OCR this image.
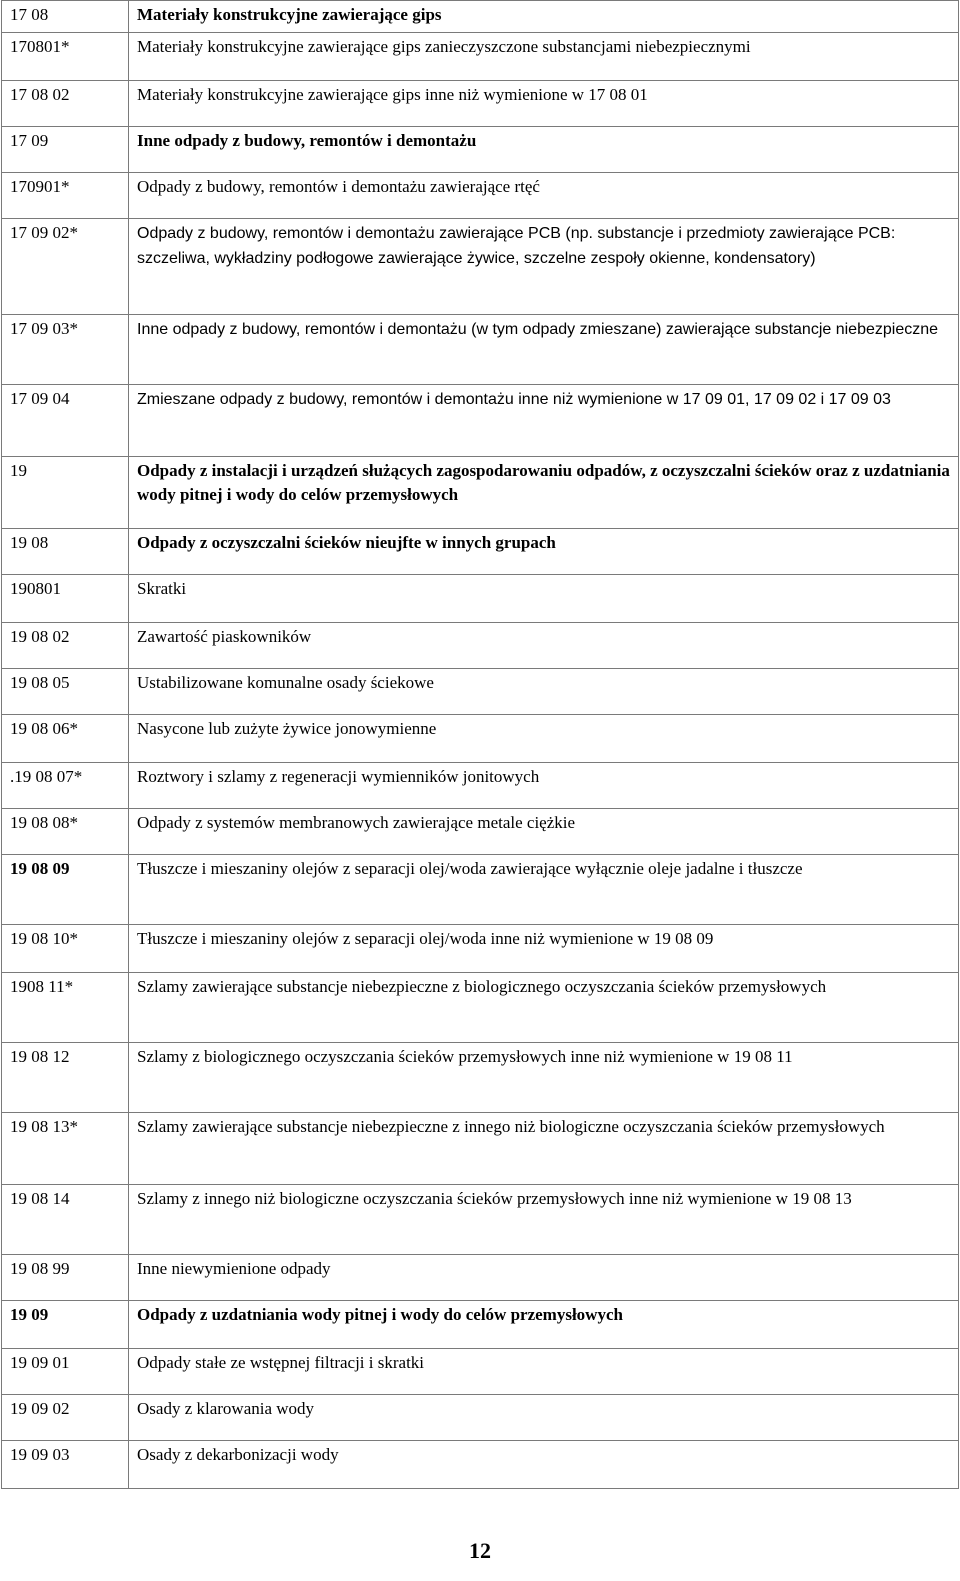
17 08	Materiały konstrukcyjne zawierające gips
170801*	Materiały konstrukcyjne zawierające gips zanieczyszczone substancjami niebezpiecznymi
17 08 02	Materiały konstrukcyjne zawierające gips inne niż wymienione w 17 08 01
17 09	Inne odpady z budowy, remontów i demontażu
170901*	Odpady z budowy, remontów i demontażu zawierające rtęć
17 09 02*	Odpady z budowy, remontów i demontażu zawierające PCB (np. substancje i przedmioty zawierające PCB: szczeliwa, wykładziny podłogowe zawierające żywice, szczelne zespoły okienne, kondensatory)
17 09 03*	Inne odpady z budowy, remontów i demontażu (w tym odpady zmieszane) zawierające substancje niebezpieczne
17 09 04	Zmieszane odpady z budowy, remontów i demontażu inne niż wymienione w 17 09 01, 17 09 02 i 17 09 03
19	Odpady z instalacji i urządzeń służących zagospodarowaniu odpadów, z oczyszczalni ścieków oraz z uzdatniania wody pitnej i wody do celów przemysłowych
19 08	Odpady z oczyszczalni ścieków nieujfte w innych grupach
190801	Skratki
19 08 02	Zawartość piaskowników
19 08 05	Ustabilizowane komunalne osady ściekowe
19 08 06*	Nasycone lub zużyte żywice jonowymienne
.19 08 07*	Roztwory i szlamy z regeneracji wymienników jonitowych
19 08 08*	Odpady z systemów membranowych zawierające metale ciężkie
19 08 09	Tłuszcze i mieszaniny olejów z separacji olej/woda zawierające wyłącznie oleje jadalne i tłuszcze
19 08 10*	Tłuszcze i mieszaniny olejów z separacji olej/woda inne niż wymienione w 19 08 09
1908 11*	Szlamy zawierające substancje niebezpieczne z biologicznego oczyszczania ścieków przemysłowych
19 08 12	Szlamy z biologicznego oczyszczania ścieków przemysłowych inne niż wymienione w 19 08 11
19 08 13*	Szlamy zawierające substancje niebezpieczne z innego niż biologiczne oczyszczania ścieków przemysłowych
19 08 14	Szlamy z innego niż biologiczne oczyszczania ścieków przemysłowych inne niż wymienione w 19 08 13
19 08 99	Inne niewymienione odpady
19 09	Odpady z uzdatniania wody pitnej i wody do celów przemysłowych
19 09 01	Odpady stałe ze wstępnej filtracji i skratki
19 09 02	Osady z klarowania wody
19 09 03	Osady z dekarbonizacji wody
12
